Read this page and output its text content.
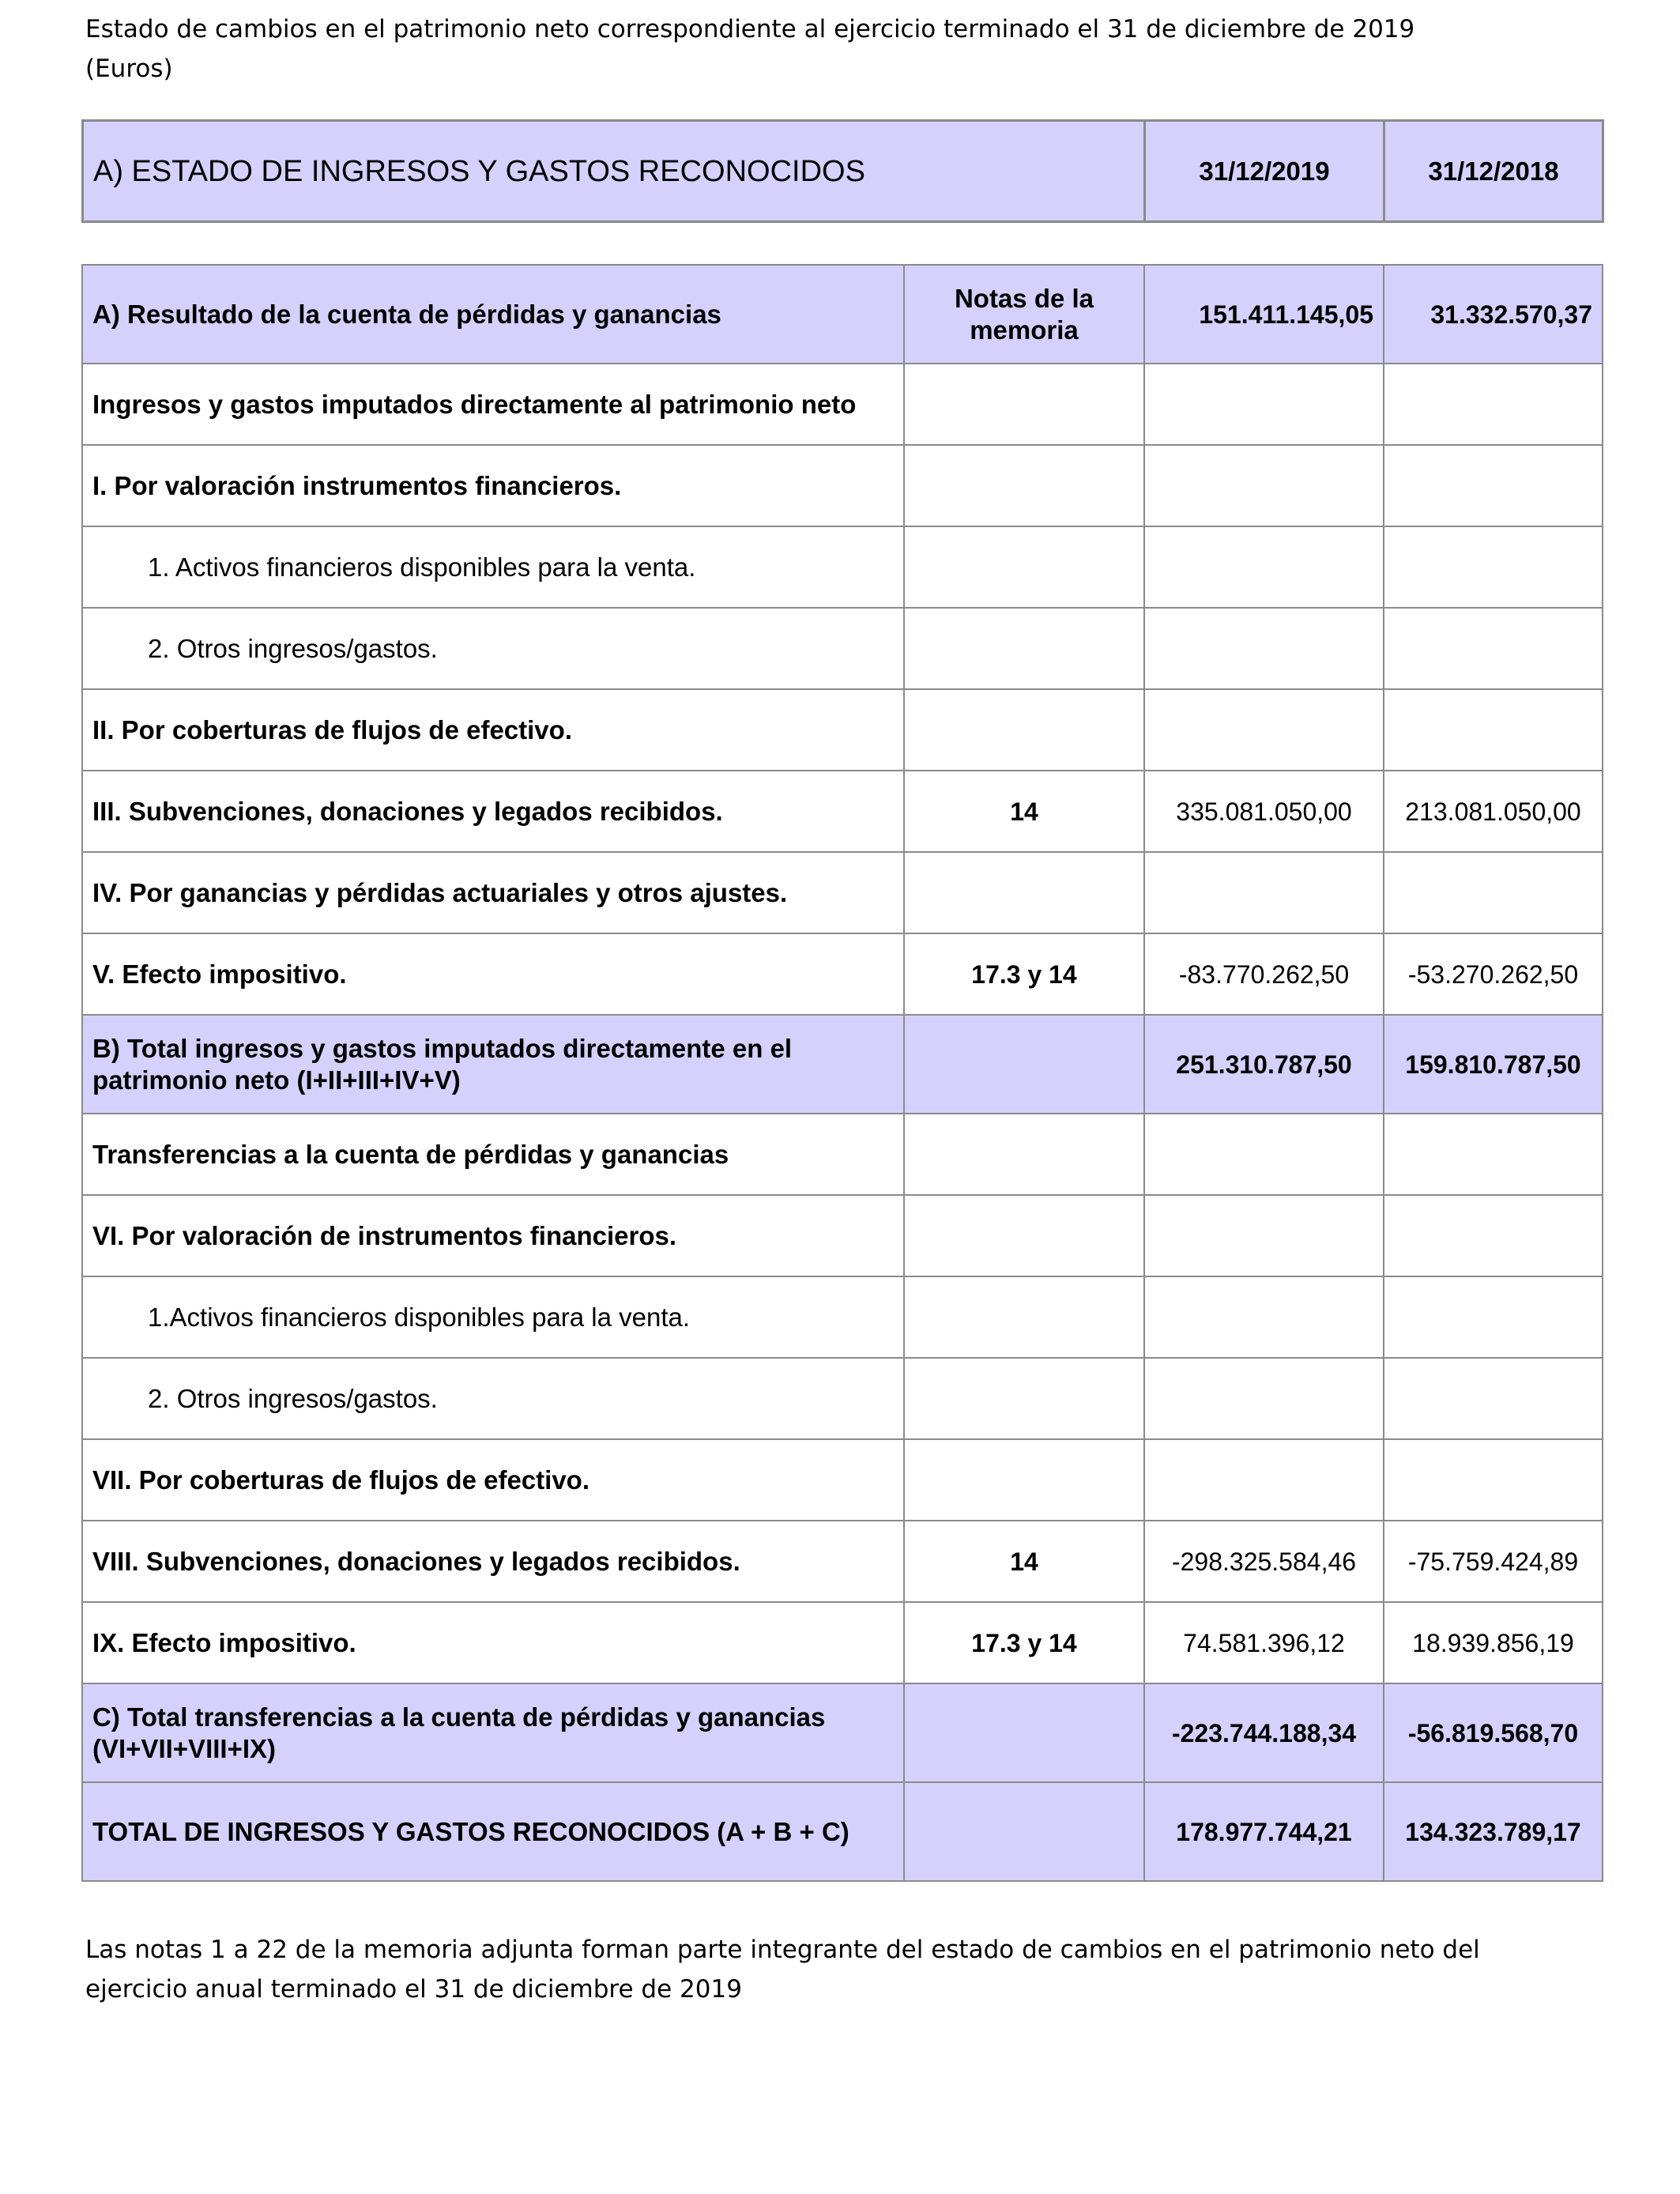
Estado de cambios en el patrimonio neto correspondiente al ejercicio terminado el 31 de diciembre de 2019
(Euros)
A) ESTADO DE INGRESOS Y GASTOS RECONOCIDOS	31/12/2019	31/12/2018
A) Resultado de la cuenta de pérdidas y ganancias	Notas de la memoria	151.411.145,05	31.332.570,37
Ingresos y gastos imputados directamente al patrimonio neto			
I. Por valoración instrumentos financieros.			
1. Activos financieros disponibles para la venta.			
2. Otros ingresos/gastos.			
II. Por coberturas de flujos de efectivo.			
III. Subvenciones, donaciones y legados recibidos.	14	335.081.050,00	213.081.050,00
IV. Por ganancias y pérdidas actuariales y otros ajustes.			
V. Efecto impositivo.	17.3 y 14	-83.770.262,50	-53.270.262,50
B) Total ingresos y gastos imputados directamente en el patrimonio neto (I+II+III+IV+V)		251.310.787,50	159.810.787,50
Transferencias a la cuenta de pérdidas y ganancias			
VI. Por valoración de instrumentos financieros.			
1.Activos financieros disponibles para la venta.			
2. Otros ingresos/gastos.			
VII. Por coberturas de flujos de efectivo.			
VIII. Subvenciones, donaciones y legados recibidos.	14	-298.325.584,46	-75.759.424,89
IX. Efecto impositivo.	17.3 y 14	74.581.396,12	18.939.856,19
C) Total transferencias a la cuenta de pérdidas y ganancias (VI+VII+VIII+IX)		-223.744.188,34	-56.819.568,70
TOTAL DE INGRESOS Y GASTOS RECONOCIDOS (A + B + C)		178.977.744,21	134.323.789,17
Las notas 1 a 22 de la memoria adjunta forman parte integrante del estado de cambios en el patrimonio neto del
ejercicio anual terminado el 31 de diciembre de 2019
